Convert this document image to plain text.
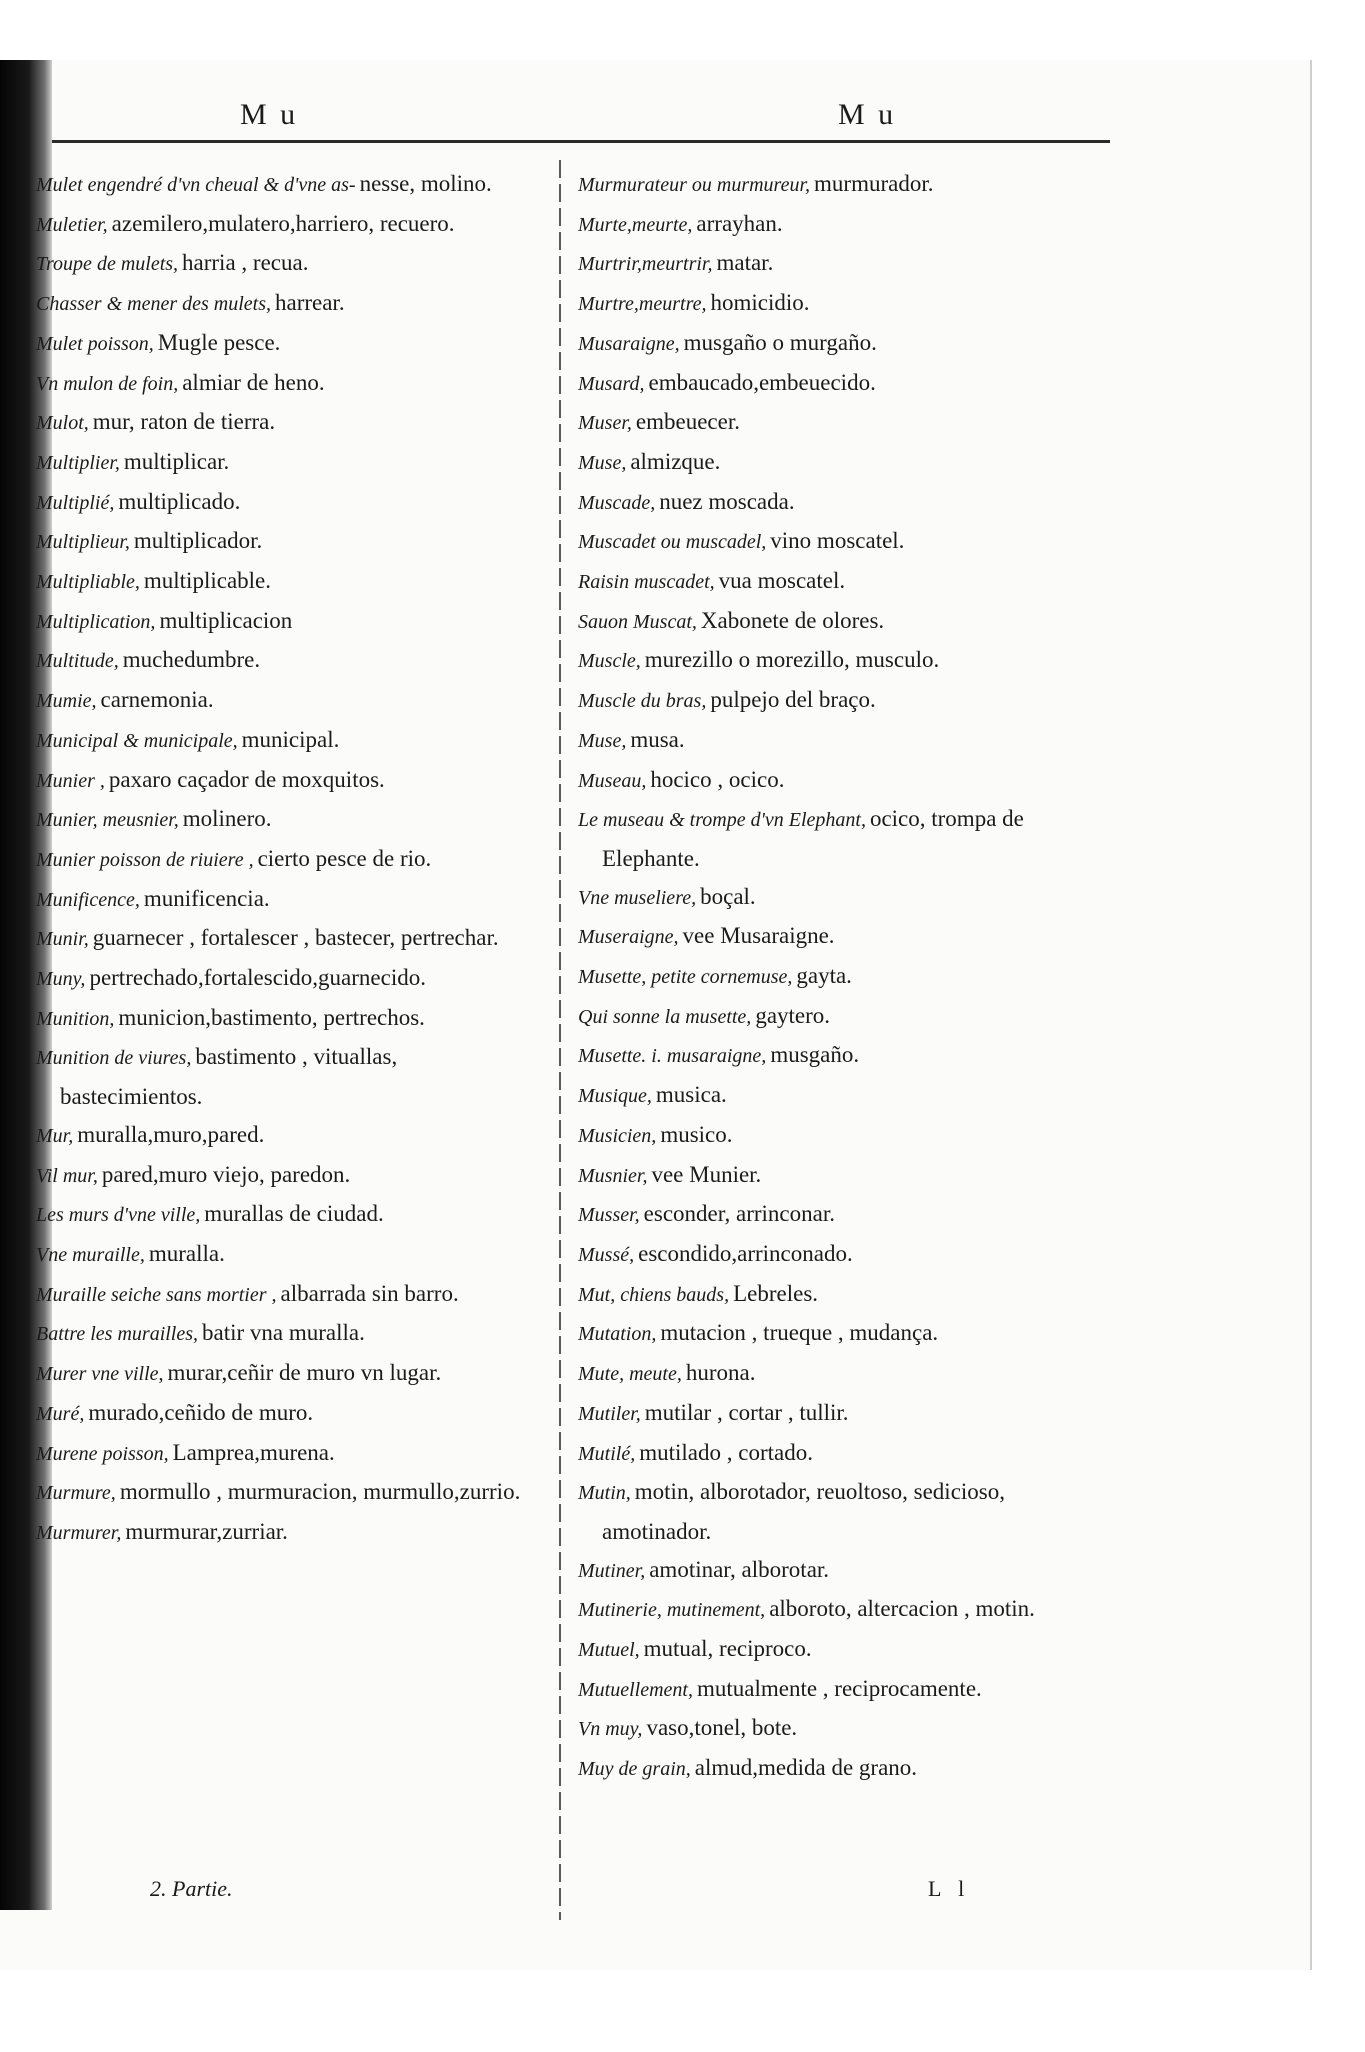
M u	M u
Mulet engendré d'vn cheual & d'vne as- nesse, molino.
Muletier, azemilero,mulatero,harriero, recuero.
Troupe de mulets, harria , recua.
Chasser & mener des mulets, harrear.
Mulet poisson, Mugle pesce.
Vn mulon de foin, almiar de heno.
Mulot, mur, raton de tierra.
Multiplier, multiplicar.
Multiplié, multiplicado.
Multiplieur, multiplicador.
Multipliable, multiplicable.
Multiplication, multiplicacion
Multitude, muchedumbre.
Mumie, carnemonia.
Municipal & municipale, municipal.
Munier , paxaro caçador de moxquitos.
Munier, meusnier, molinero.
Munier poisson de riuiere , cierto pesce de rio.
Munificence, munificencia.
Munir, guarnecer , fortalescer , bastecer, pertrechar.
Muny, pertrechado,fortalescido,guarnecido.
Munition, municion,bastimento, pertrechos.
Munition de viures, bastimento , vituallas, bastecimientos.
Mur, muralla,muro,pared.
Vil mur, pared,muro viejo, paredon.
Les murs d'vne ville, murallas de ciudad.
Vne muraille, muralla.
Muraille seiche sans mortier , albarrada sin barro.
Battre les murailles, batir vna muralla.
Murer vne ville, murar,ceñir de muro vn lugar.
Muré, murado,ceñido de muro.
Murene poisson, Lamprea,murena.
Murmure, mormullo , murmuracion, murmullo,zurrio.
Murmurer, murmurar,zurriar.
Murmurateur ou murmureur, murmurador.
Murte,meurte, arrayhan.
Murtrir,meurtrir, matar.
Murtre,meurtre, homicidio.
Musaraigne, musgaño o murgaño.
Musard, embaucado,embeuecido.
Muser, embeuecer.
Muse, almizque.
Muscade, nuez moscada.
Muscadet ou muscadel, vino moscatel.
Raisin muscadet, vua moscatel.
Sauon Muscat, Xabonete de olores.
Muscle, murezillo o morezillo, musculo.
Muscle du bras, pulpejo del braço.
Muse, musa.
Museau, hocico , ocico.
Le museau & trompe d'vn Elephant, ocico, trompa de Elephante.
Vne museliere, boçal.
Museraigne, vee Musaraigne.
Musette, petite cornemuse, gayta.
Qui sonne la musette, gaytero.
Musette. i. musaraigne, musgaño.
Musique, musica.
Musicien, musico.
Musnier, vee Munier.
Musser, esconder, arrinconar.
Mussé, escondido,arrinconado.
Mut, chiens bauds, Lebreles.
Mutation, mutacion , trueque , mudança.
Mute, meute, hurona.
Mutiler, mutilar , cortar , tullir.
Mutilé, mutilado , cortado.
Mutin, motin, alborotador, reuoltoso, sedicioso, amotinador.
Mutiner, amotinar, alborotar.
Mutinerie, mutinement, alboroto, altercacion , motin.
Mutuel, mutual, reciproco.
Mutuellement, mutualmente , reciprocamente.
Vn muy, vaso,tonel, bote.
Muy de grain, almud,medida de grano.
2. Partie.	L l
